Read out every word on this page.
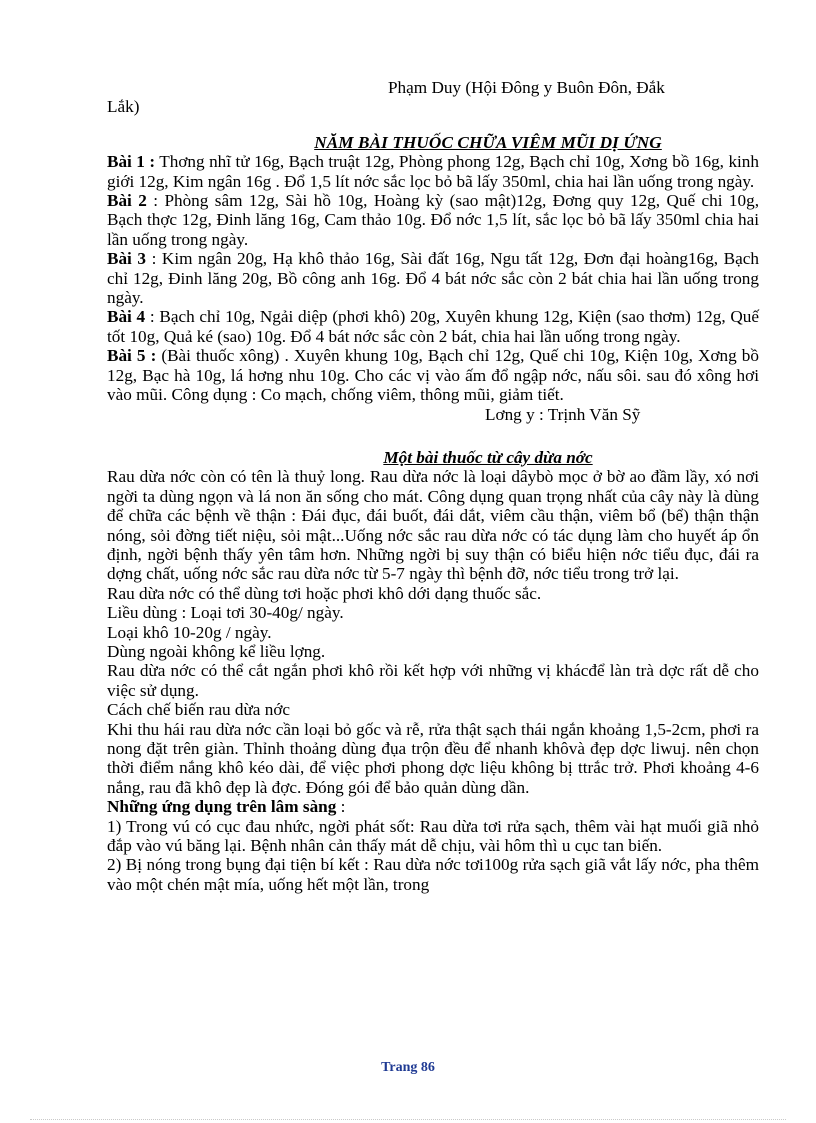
Phạm Duy (Hội Đông y Buôn Đôn, Đắk
Lắk)

NĂM BÀI THUỐC CHỮA VIÊM MŨI DỊ ỨNG

Bài 1 : Thơng nhĩ tử 16g, Bạch truật 12g, Phòng phong 12g, Bạch chỉ 10g, Xơng bồ 16g, kinh giới 12g, Kim ngân 16g . Đổ 1,5 lít nớc sắc lọc bỏ bã lấy 350ml, chia hai lần uống trong ngày.

Bài 2 : Phòng sâm 12g, Sài hồ 10g, Hoàng kỳ (sao mật)12g, Đơng quy 12g, Quế chi 10g, Bạch thợc 12g, Đinh lăng 16g, Cam thảo 10g. Đổ nớc 1,5 lít, sắc lọc bỏ bã lấy 350ml chia hai lần uống trong ngày.

Bài 3 : Kim ngân 20g, Hạ khô thảo 16g, Sài đất 16g, Ngu tất 12g, Đơn đại hoàng16g, Bạch chỉ 12g, Đinh lăng 20g, Bồ công anh 16g. Đổ 4 bát nớc sắc còn 2 bát chia hai lần uống trong ngày.

Bài 4 : Bạch chỉ 10g, Ngải diệp (phơi khô) 20g, Xuyên khung 12g, Kiện (sao thơm) 12g, Quế tốt 10g, Quả ké (sao) 10g. Đổ 4 bát nớc sắc còn 2 bát, chia hai lần uống trong ngày.

Bài 5 : (Bài thuốc xông) . Xuyên khung 10g, Bạch chỉ 12g, Quế chi 10g, Kiện 10g, Xơng bồ 12g, Bạc hà 10g, lá hơng nhu 10g. Cho các vị vào ấm đổ ngập nớc, nấu sôi. sau đó xông hơi vào mũi. Công dụng : Co mạch, chống viêm, thông mũi, giảm tiết.

Lơng y : Trịnh Văn Sỹ

Một bài thuốc từ cây dừa nớc

Rau dừa nớc còn có tên là thuỷ long. Rau dừa nớc là loại dâybò mọc ở bờ ao đầm lầy, xó nơi ngời ta dùng ngọn và lá non ăn sống cho mát. Công dụng quan trọng nhất của cây này là dùng để chữa các bệnh về thận : Đái đục, đái buốt, đái dắt, viêm cầu thận, viêm bổ (bể) thận thận nóng, sỏi đờng tiết niệu, sỏi mật...Uống nớc sắc rau dừa nớc có tác dụng làm cho huyết áp ổn định, ngời bệnh thấy yên tâm hơn. Những ngời bị suy thận có biểu hiện nớc tiểu đục, đái ra dợng chất, uống nớc sắc rau dừa nớc từ 5-7 ngày thì bệnh đỡ, nớc tiểu trong trở lại.

Rau dừa nớc có thể dùng tơi hoặc phơi khô dới dạng thuốc sắc.

Liều dùng : Loại tơi 30-40g/ ngày.

Loại khô 10-20g / ngày.

Dùng ngoài không kể liều lợng.

Rau dừa nớc có thể cắt ngắn phơi khô rồi kết hợp với những vị khácđể làn trà dợc rất dễ cho việc sử dụng.

Cách chế biến rau dừa nớc

Khi thu hái rau dừa nớc cần loại bỏ gốc và rễ, rửa thật sạch thái ngắn khoảng 1,5-2cm, phơi ra nong đặt trên giàn. Thỉnh thoảng dùng đụa trộn đều để nhanh khôvà đẹp dợc liwuj. nên chọn thời điểm nắng khô kéo dài, để việc phơi phong dợc liệu không bị ttrắc trở. Phơi khoảng 4-6 nắng, rau đã khô đẹp là đợc. Đóng gói để bảo quản dùng dần.

Những ứng dụng trên lâm sàng :

1) Trong vú có cục đau nhức, ngời phát sốt: Rau dừa tơi rửa sạch, thêm vài hạt muối giã nhỏ đắp vào vú băng lại. Bệnh nhân cản thấy mát dễ chịu, vài hôm thì u cục tan biến.

2) Bị nóng trong bụng đại tiện bí kết : Rau dừa nớc tơi100g rửa sạch giã vắt lấy nớc, pha thêm vào một chén mật mía, uống hết một lần, trong

Trang 86
